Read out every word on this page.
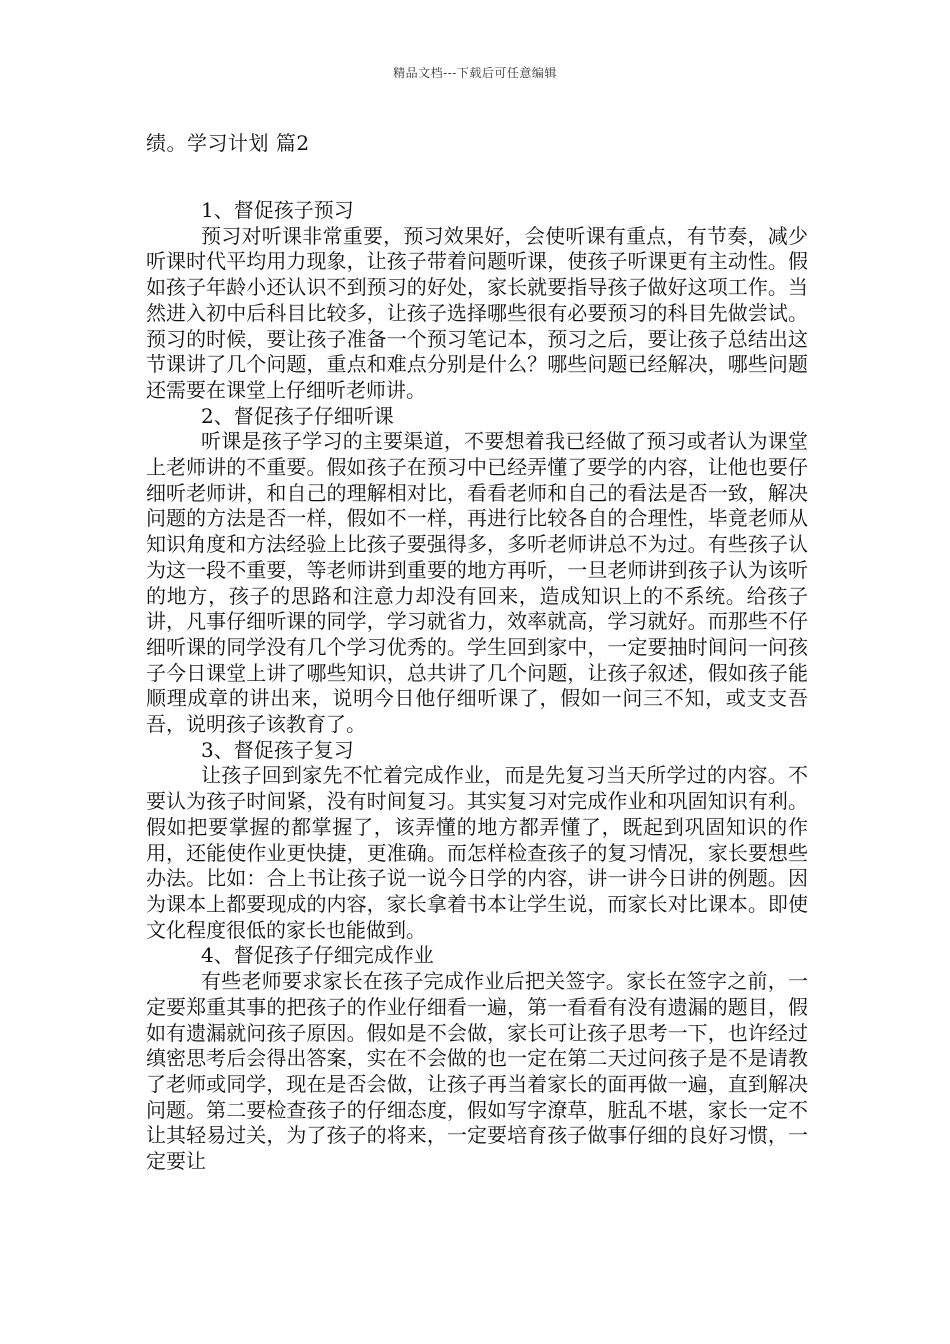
精品文档---下载后可任意编辑
绩。学习计划 篇2

1、督促孩子预习

预习对听课非常重要，预习效果好，会使听课有重点，有节奏，减少听课时代平均用力现象，让孩子带着问题听课，使孩子听课更有主动性。假如孩子年龄小还认识不到预习的好处，家长就要指导孩子做好这项工作。当然进入初中后科目比较多，让孩子选择哪些很有必要预习的科目先做尝试。预习的时候，要让孩子准备一个预习笔记本，预习之后，要让孩子总结出这节课讲了几个问题，重点和难点分别是什么？哪些问题已经解决，哪些问题还需要在课堂上仔细听老师讲。

2、督促孩子仔细听课

听课是孩子学习的主要渠道，不要想着我已经做了预习或者认为课堂上老师讲的不重要。假如孩子在预习中已经弄懂了要学的内容，让他也要仔细听老师讲，和自己的理解相对比，看看老师和自己的看法是否一致，解决问题的方法是否一样，假如不一样，再进行比较各自的合理性，毕竟老师从知识角度和方法经验上比孩子要强得多，多听老师讲总不为过。有些孩子认为这一段不重要，等老师讲到重要的地方再听，一旦老师讲到孩子认为该听的地方，孩子的思路和注意力却没有回来，造成知识上的不系统。给孩子讲，凡事仔细听课的同学，学习就省力，效率就高，学习就好。而那些不仔细听课的同学没有几个学习优秀的。学生回到家中，一定要抽时间问一问孩子今日课堂上讲了哪些知识，总共讲了几个问题，让孩子叙述，假如孩子能顺理成章的讲出来，说明今日他仔细听课了，假如一问三不知，或支支吾吾，说明孩子该教育了。

3、督促孩子复习

让孩子回到家先不忙着完成作业，而是先复习当天所学过的内容。不要认为孩子时间紧，没有时间复习。其实复习对完成作业和巩固知识有利。假如把要掌握的都掌握了，该弄懂的地方都弄懂了，既起到巩固知识的作用，还能使作业更快捷，更准确。而怎样检查孩子的复习情况，家长要想些办法。比如：合上书让孩子说一说今日学的内容，讲一讲今日讲的例题。因为课本上都要现成的内容，家长拿着书本让学生说，而家长对比课本。即使文化程度很低的家长也能做到。

4、督促孩子仔细完成作业

有些老师要求家长在孩子完成作业后把关签字。家长在签字之前，一定要郑重其事的把孩子的作业仔细看一遍，第一看看有没有遗漏的题目，假如有遗漏就问孩子原因。假如是不会做，家长可让孩子思考一下，也许经过缜密思考后会得出答案，实在不会做的也一定在第二天过问孩子是不是请教了老师或同学，现在是否会做，让孩子再当着家长的面再做一遍，直到解决问题。第二要检查孩子的仔细态度，假如写字潦草，脏乱不堪，家长一定不让其轻易过关，为了孩子的将来，一定要培育孩子做事仔细的良好习惯，一定要让
